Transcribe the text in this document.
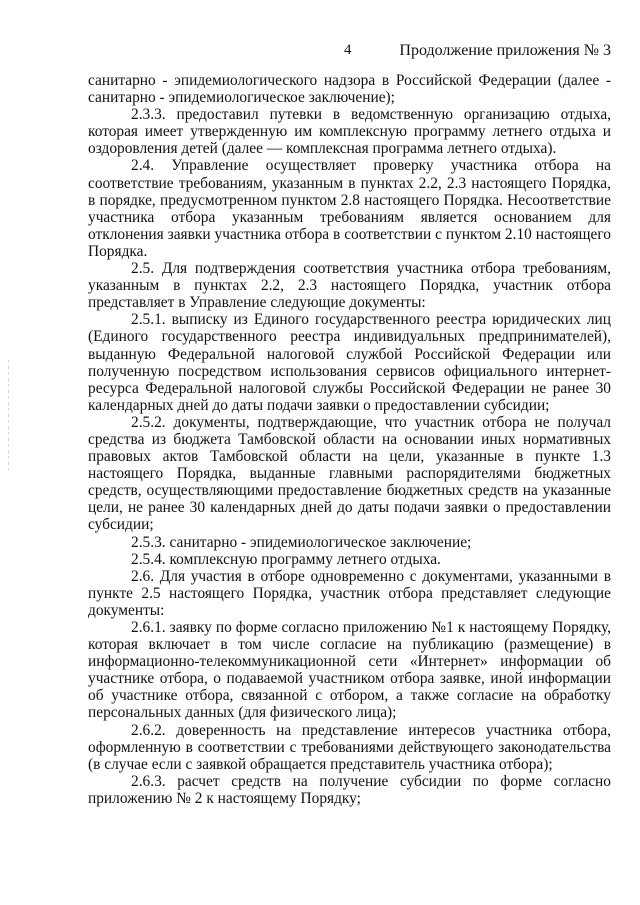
4	Продолжение приложения № 3

санитарно - эпидемиологического надзора в Российской Федерации (далее - санитарно - эпидемиологическое заключение);

2.3.3. предоставил путевки в ведомственную организацию отдыха, которая имеет утвержденную им комплексную программу летнего отдыха и оздоровления детей (далее — комплексная программа летнего отдыха).

2.4. Управление осуществляет проверку участника отбора на соответствие требованиям, указанным в пунктах 2.2, 2.3 настоящего Порядка, в порядке, предусмотренном пунктом 2.8 настоящего Порядка. Несоответствие участника отбора указанным требованиям является основанием для отклонения заявки участника отбора в соответствии с пунктом 2.10 настоящего Порядка.

2.5. Для подтверждения соответствия участника отбора требованиям, указанным в пунктах 2.2, 2.3 настоящего Порядка, участник отбора представляет в Управление следующие документы:

2.5.1. выписку из Единого государственного реестра юридических лиц (Единого государственного реестра индивидуальных предпринимателей), выданную Федеральной налоговой службой Российской Федерации или полученную посредством использования сервисов официального интернет-ресурса Федеральной налоговой службы Российской Федерации не ранее 30 календарных дней до даты подачи заявки о предоставлении субсидии;

2.5.2. документы, подтверждающие, что участник отбора не получал средства из бюджета Тамбовской области на основании иных нормативных правовых актов Тамбовской области на цели, указанные в пункте 1.3 настоящего Порядка, выданные главными распорядителями бюджетных средств, осуществляющими предоставление бюджетных средств на указанные цели, не ранее 30 календарных дней до даты подачи заявки о предоставлении субсидии;

2.5.3. санитарно - эпидемиологическое заключение;

2.5.4. комплексную программу летнего отдыха.

2.6. Для участия в отборе одновременно с документами, указанными в пункте 2.5 настоящего Порядка, участник отбора представляет следующие документы:

2.6.1. заявку по форме согласно приложению №1 к настоящему Порядку, которая включает в том числе согласие на публикацию (размещение) в информационно-телекоммуникационной сети «Интернет» информации об участнике отбора, о подаваемой участником отбора заявке, иной информации об участнике отбора, связанной с отбором, а также согласие на обработку персональных данных (для физического лица);

2.6.2. доверенность на представление интересов участника отбора, оформленную в соответствии с требованиями действующего законодательства (в случае если с заявкой обращается представитель участника отбора);

2.6.3. расчет средств на получение субсидии по форме согласно приложению № 2 к настоящему Порядку;
